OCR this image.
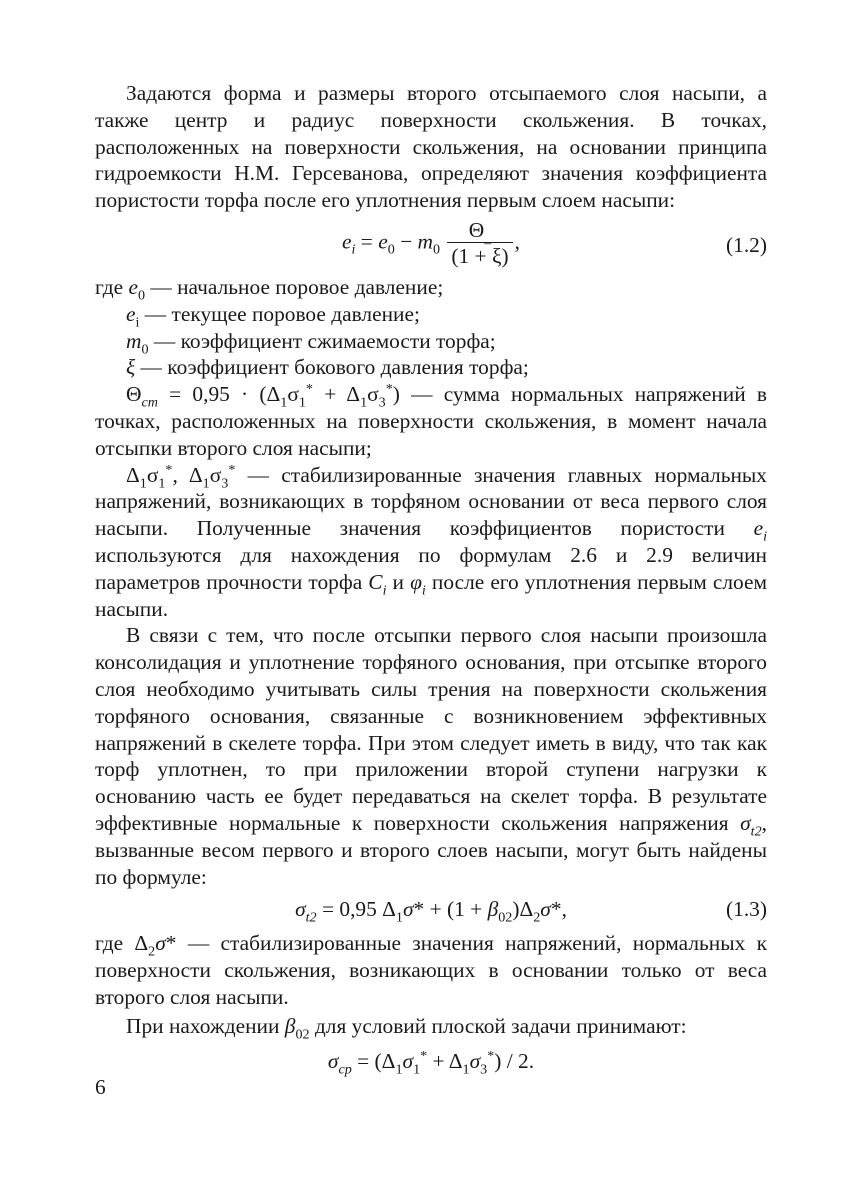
Задаются форма и размеры второго отсыпаемого слоя насыпи, а также центр и радиус поверхности скольжения. В точках, расположенных на поверхности скольжения, на основании принципа гидроемкости Н.М. Герсеванова, определяют значения коэффициента пористости торфа после его уплотнения первым слоем насыпи:

$e_i = e_0 - m_0 \frac{\Theta_{\_}}{(1 + \xi)}$ ,	(1.2)

где $e_0$ — начальное поровое давление;

$e_i$ — текущее поровое давление;

$m_0$ — коэффициент сжимаемости торфа;

ξ — коэффициент бокового давления торфа;

$\Theta_{cm} = 0,95 \cdot (\Delta_1\sigma_1^* + \Delta_1\sigma_3^*)$ — сумма нормальных напряжений в точках, расположенных на поверхности скольжения, в момент начала отсыпки второго слоя насыпи;

$\Delta_1\sigma_1^*$, $\Delta_1\sigma_3^*$ — стабилизированные значения главных нормальных напряжений, возникающих в торфяном основании от веса первого слоя насыпи. Полученные значения коэффициентов пористости $e_i$ используются для нахождения по формулам 2.6 и 2.9 величин параметров прочности торфа $C_i$ и $\varphi_i$ после его уплотнения первым слоем насыпи.

В связи с тем, что после отсыпки первого слоя насыпи произошла консолидация и уплотнение торфяного основания, при отсыпке второго слоя необходимо учитывать силы трения на поверхности скольжения торфяного основания, связанные с возникновением эффективных напряжений в скелете торфа. При этом следует иметь в виду, что так как торф уплотнен, то при приложении второй ступени нагрузки к основанию часть ее будет передаваться на скелет торфа. В результате эффективные нормальные к поверхности скольжения напряжения $\sigma_{t2}$, вызванные весом первого и второго слоев насыпи, могут быть найдены по формуле:

$\sigma_{t2} = 0,95$ $\Delta_1\sigma* + (1 + \beta_{02})\Delta_2\sigma*$,	(1.3)

где $\Delta_2\sigma*$ — стабилизированные значения напряжений, нормальных к поверхности скольжения, возникающих в основании только от веса второго слоя насыпи.

При нахождении $\beta_{02}$ для условий плоской задачи принимают:

$\sigma_{cp} = (\Delta_1\sigma_1^* + \Delta_1\sigma_3^*) / 2$.
6
